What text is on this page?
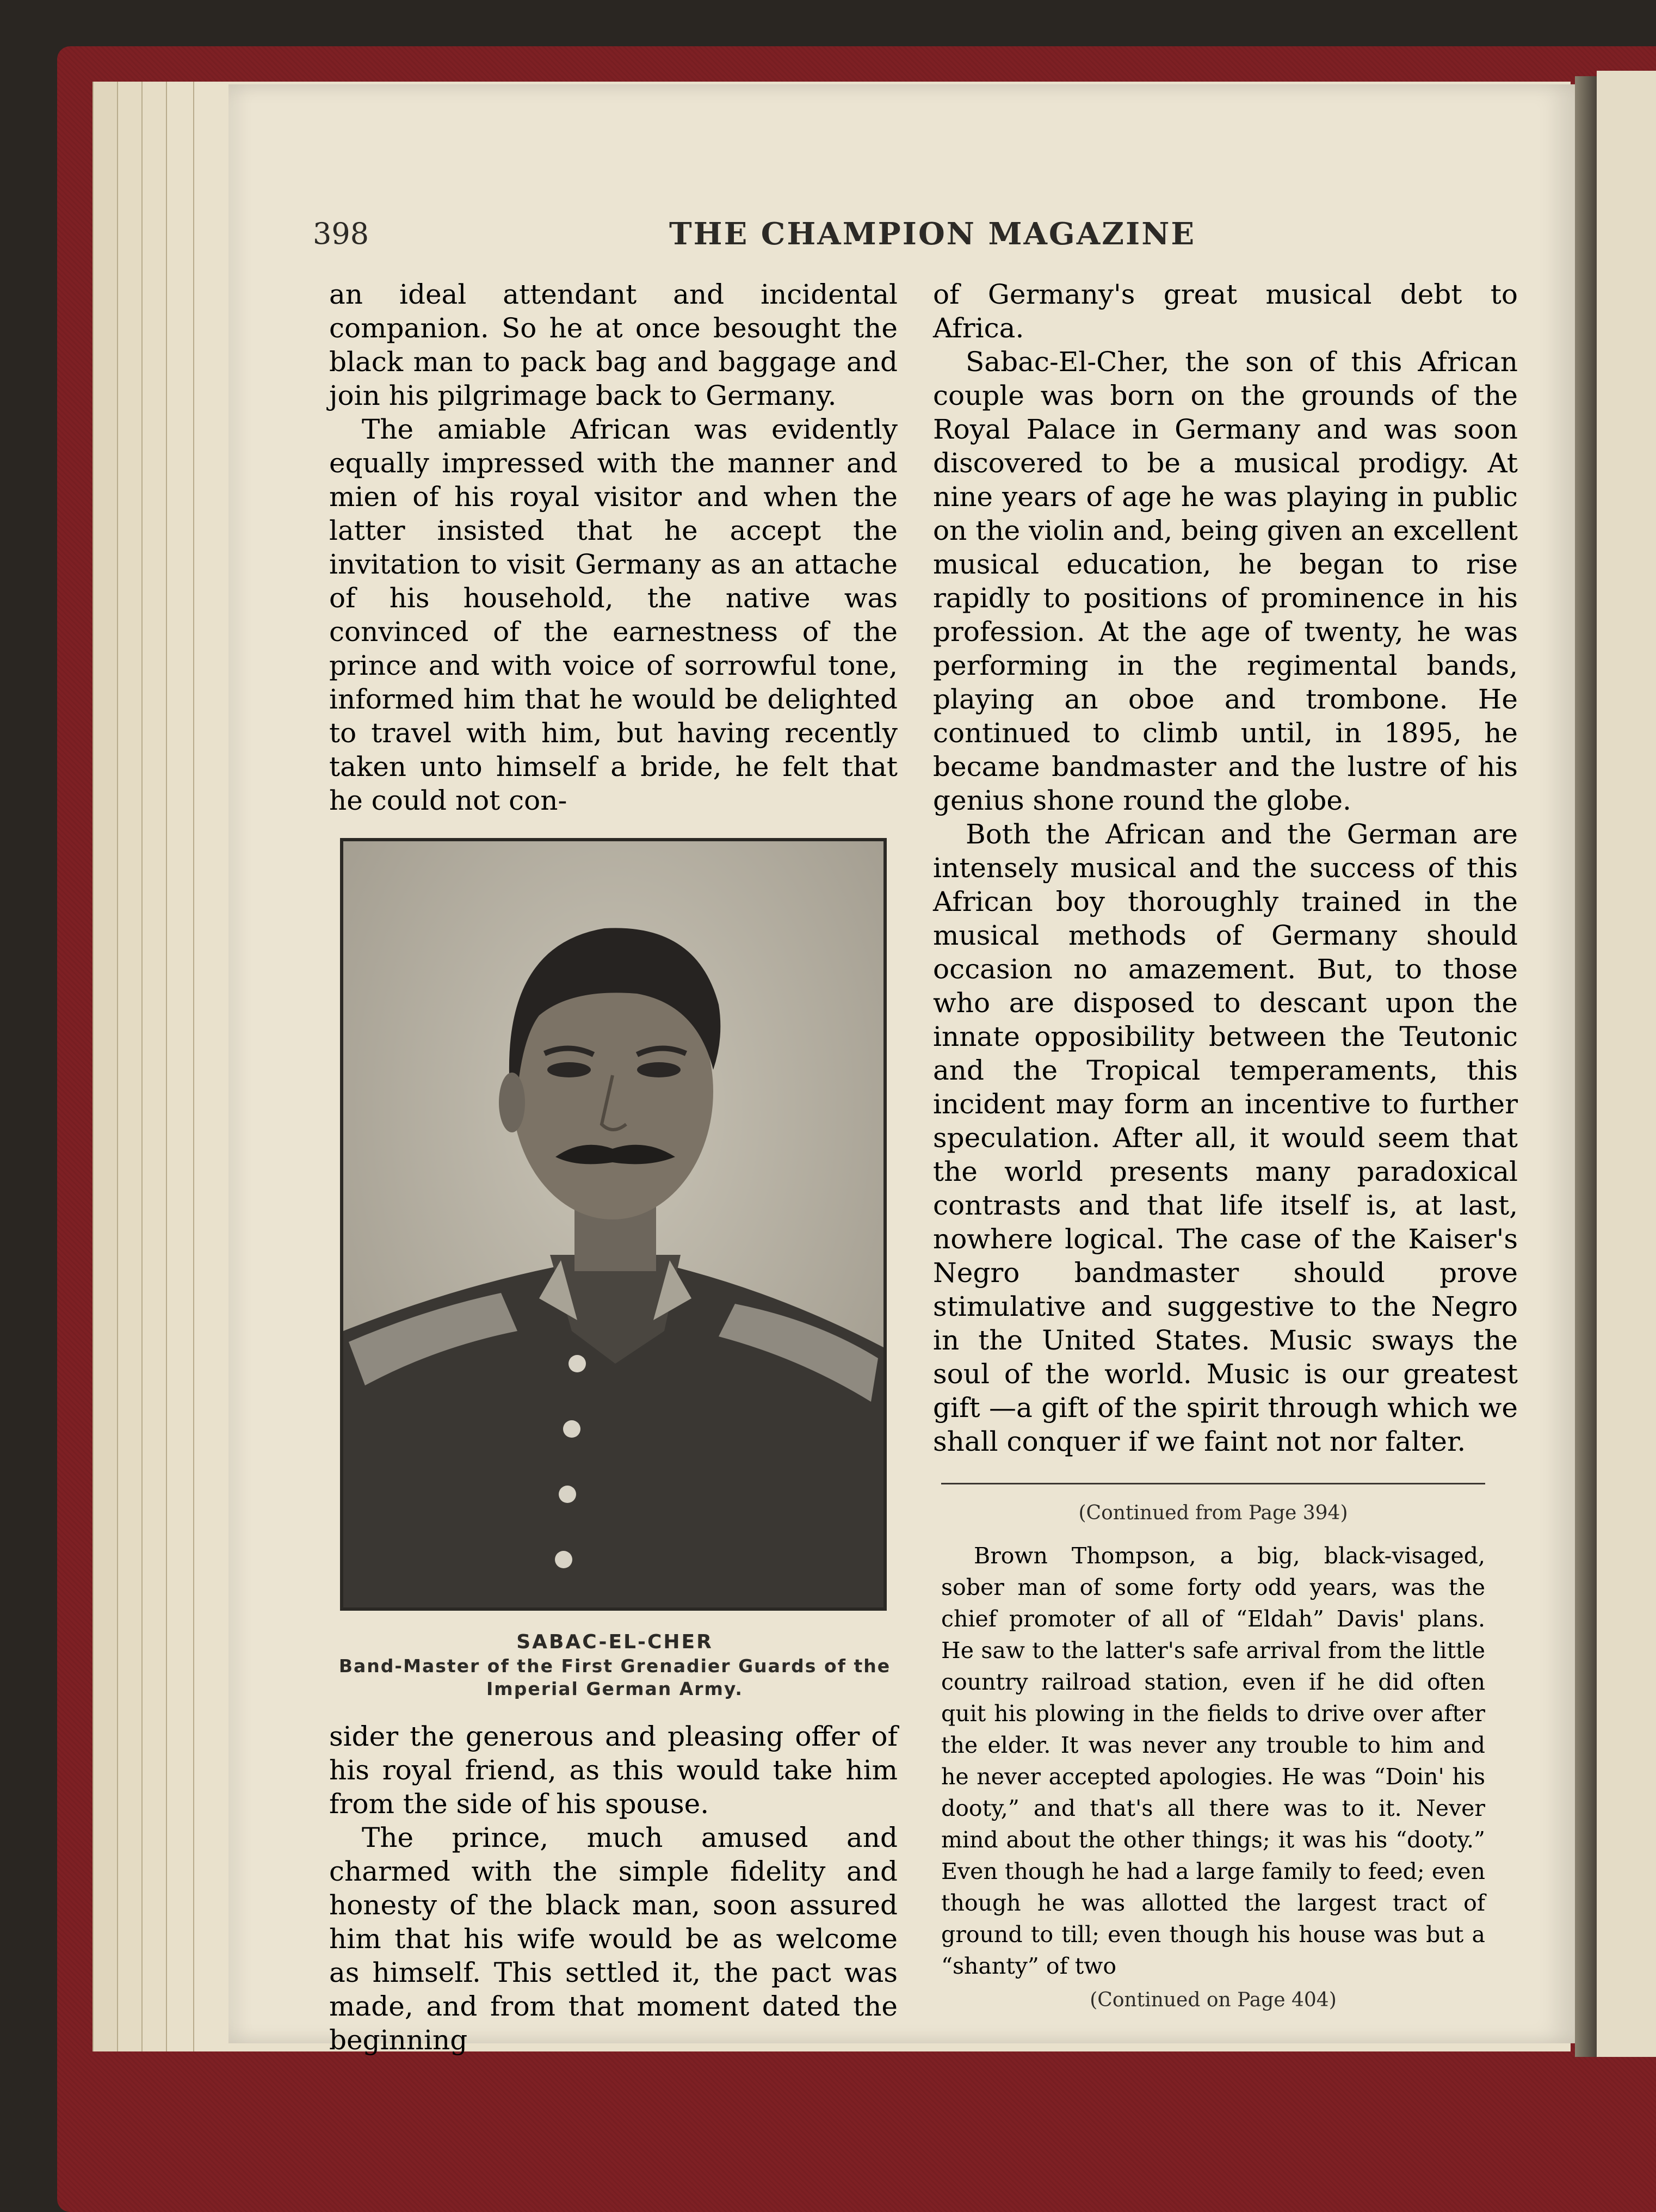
398	THE CHAMPION MAGAZINE

an ideal attendant and incidental companion. So he at once besought the black man to pack bag and baggage and join his pilgrimage back to Germany.

The amiable African was evidently equally impressed with the manner and mien of his royal visitor and when the latter insisted that he accept the invitation to visit Germany as an attache of his household, the native was convinced of the earnestness of the prince and with voice of sorrowful tone, informed him that he would be delighted to travel with him, but having recently taken unto himself a bride, he felt that he could not con-

SABAC-EL-CHER
Band-Master of the First Grenadier Guards of the Imperial German Army.

sider the generous and pleasing offer of his royal friend, as this would take him from the side of his spouse.

The prince, much amused and charmed with the simple fidelity and honesty of the black man, soon assured him that his wife would be as welcome as himself. This settled it, the pact was made, and from that moment dated the beginning

of Germany's great musical debt to Africa.

Sabac-El-Cher, the son of this African couple was born on the grounds of the Royal Palace in Germany and was soon discovered to be a musical prodigy. At nine years of age he was playing in public on the violin and, being given an excellent musical education, he began to rise rapidly to positions of prominence in his profession. At the age of twenty, he was performing in the regimental bands, playing an oboe and trombone. He continued to climb until, in 1895, he became bandmaster and the lustre of his genius shone round the globe.

Both the African and the German are intensely musical and the success of this African boy thoroughly trained in the musical methods of Germany should occasion no amazement. But, to those who are disposed to descant upon the innate opposibility between the Teutonic and the Tropical temperaments, this incident may form an incentive to further speculation. After all, it would seem that the world presents many paradoxical contrasts and that life itself is, at last, nowhere logical. The case of the Kaiser's Negro bandmaster should prove stimulative and suggestive to the Negro in the United States. Music sways the soul of the world. Music is our greatest gift —a gift of the spirit through which we shall conquer if we faint not nor falter.

(Continued from Page 394)

Brown Thompson, a big, black-visaged, sober man of some forty odd years, was the chief promoter of all of “Eldah” Davis' plans. He saw to the latter's safe arrival from the little country railroad station, even if he did often quit his plowing in the fields to drive over after the elder. It was never any trouble to him and he never accepted apologies. He was “Doin' his dooty,” and that's all there was to it. Never mind about the other things; it was his “dooty.” Even though he had a large family to feed; even though he was allotted the largest tract of ground to till; even though his house was but a “shanty” of two

(Continued on Page 404)
